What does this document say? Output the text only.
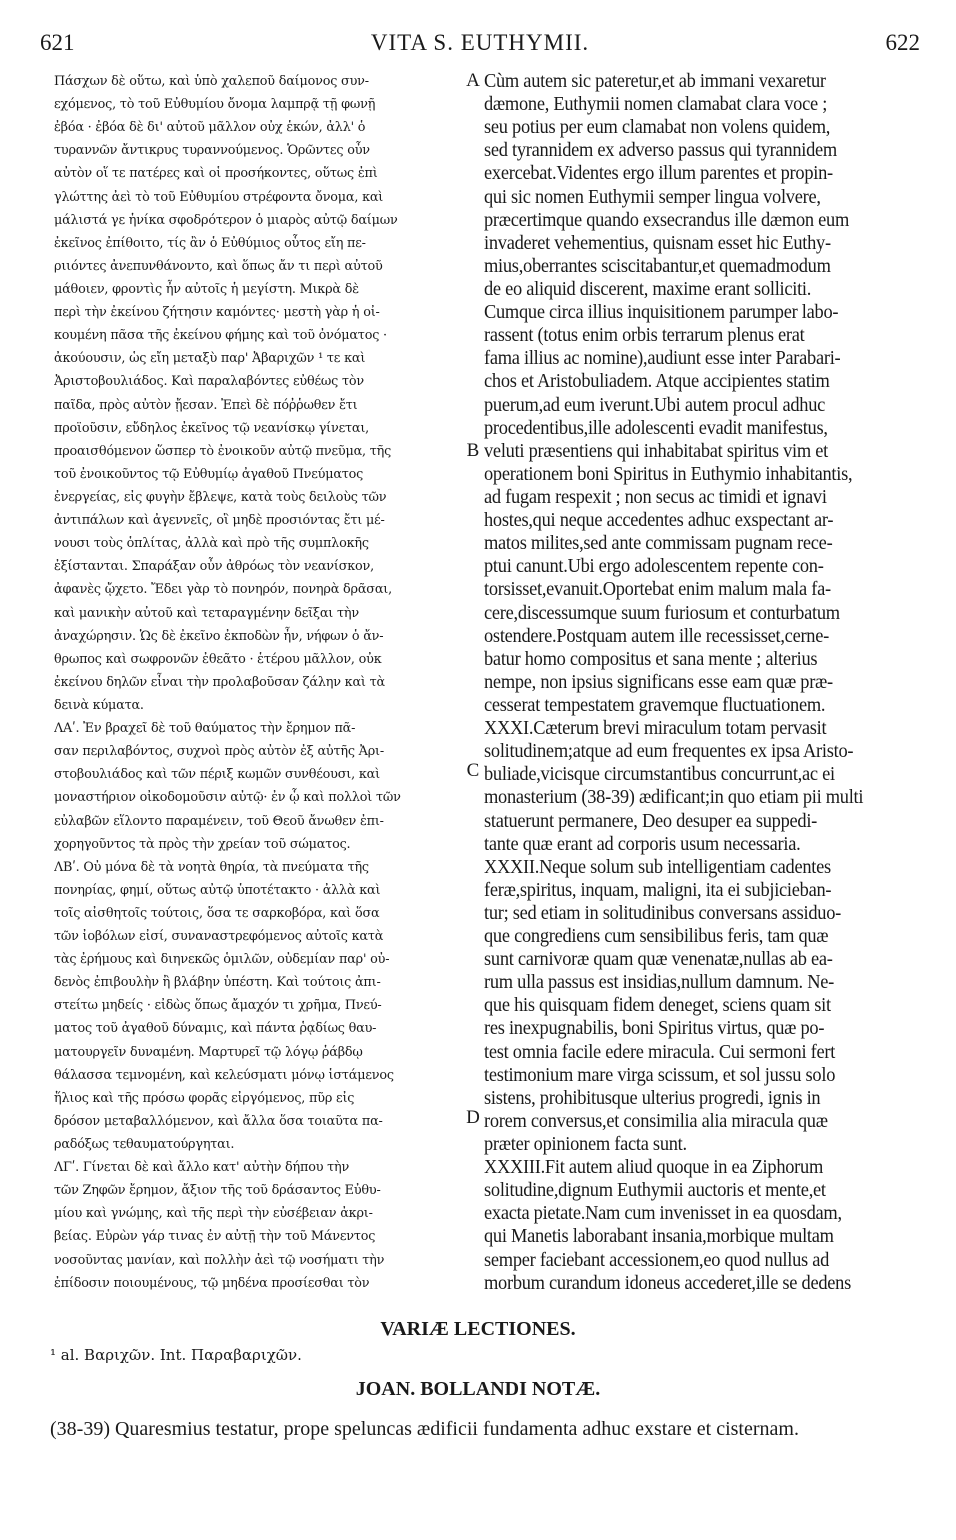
621	VITA S. EUTHYMII.	622
Πάσχων δὲ οὕτω, καὶ ὑπὸ χαλεποῦ δαίμονος συν-
εχόμενος, τὸ τοῦ Εὐθυμίου ὄνομα λαμπρᾷ τῇ φωνῇ
ἐβόα · ἐβόα δὲ δι' αὐτοῦ μᾶλλον οὐχ ἑκών, ἀλλ' ὁ
τυραννῶν ἄντικρυς τυραννούμενος. Ὁρῶντες οὖν
αὐτὸν οἵ τε πατέρες καὶ οἱ προσήκοντες, οὕτως ἐπὶ
γλώττης ἀεὶ τὸ τοῦ Εὐθυμίου στρέφοντα ὄνομα, καὶ
μάλιστά γε ἡνίκα σφοδρότερον ὁ μιαρὸς αὐτῷ δαίμων
ἐκεῖνος ἐπίθοιτο, τίς ἂν ὁ Εὐθύμιος οὗτος εἴη πε-
ριιόντες ἀνεπυνθάνοντο, καὶ ὅπως ἄν τι περὶ αὐτοῦ
μάθοιεν, φροντὶς ἦν αὐτοῖς ἡ μεγίστη. Μικρὰ δὲ
περὶ τὴν ἐκείνου ζήτησιν καμόντες· μεστὴ γὰρ ἡ οἰ-
κουμένη πᾶσα τῆς ἐκείνου φήμης καὶ τοῦ ὀνόματος ·
ἀκούουσιν, ὡς εἴη μεταξὺ παρ' Ἀβαριχῶν ¹ τε καὶ
Ἀριστοβουλιάδος. Καὶ παραλαβόντες εὐθέως τὸν
παῖδα, πρὸς αὐτὸν ᾔεσαν. Ἐπεὶ δὲ πόῤῥωθεν ἔτι
προϊοῦσιν, εὔδηλος ἐκεῖνος τῷ νεανίσκῳ γίνεται,
προαισθόμενον ὥσπερ τὸ ἐνοικοῦν αὐτῷ πνεῦμα, τῆς
τοῦ ἐνοικοῦντος τῷ Εὐθυμίῳ ἀγαθοῦ Πνεύματος
ἐνεργείας, εἰς φυγὴν ἔβλεψε, κατὰ τοὺς δειλοὺς τῶν
ἀντιπάλων καὶ ἀγεννεῖς, οἳ μηδὲ προσιόντας ἔτι μέ-
νουσι τοὺς ὁπλίτας, ἀλλὰ καὶ πρὸ τῆς συμπλοκῆς
ἐξίστανται. Σπαράξαν οὖν ἀθρόως τὸν νεανίσκον,
ἀφανὲς ᾤχετο. Ἔδει γὰρ τὸ πονηρόν, πονηρὰ δρᾶσαι,
καὶ μανικὴν αὐτοῦ καὶ τεταραγμένην δεῖξαι τὴν
ἀναχώρησιν. Ὡς δὲ ἐκεῖνο ἐκποδὼν ἦν, νήφων ὁ ἄν-
θρωπος καὶ σωφρονῶν ἐθεᾶτο · ἑτέρου μᾶλλον, οὐκ
ἐκείνου δηλῶν εἶναι τὴν προλαβοῦσαν ζάλην καὶ τὰ
δεινὰ κύματα.
ΛΑʹ. Ἐν βραχεῖ δὲ τοῦ θαύματος τὴν ἔρημον πᾶ-
σαν περιλαβόντος, συχνοὶ πρὸς αὐτὸν ἐξ αὐτῆς Ἀρι-
στοβουλιάδος καὶ τῶν πέριξ κωμῶν συνθέουσι, καὶ
μοναστήριον οἰκοδομοῦσιν αὐτῷ· ἐν ᾧ καὶ πολλοὶ τῶν
εὐλαβῶν εἵλοντο παραμένειν, τοῦ Θεοῦ ἄνωθεν ἐπι-
χορηγοῦντος τὰ πρὸς τὴν χρείαν τοῦ σώματος.
ΛΒʹ. Οὐ μόνα δὲ τὰ νοητὰ θηρία, τὰ πνεύματα τῆς
πονηρίας, φημί, οὕτως αὐτῷ ὑποτέτακτο · ἀλλὰ καὶ
τοῖς αἰσθητοῖς τούτοις, ὅσα τε σαρκοβόρα, καὶ ὅσα
τῶν ἰοβόλων εἰσί, συναναστρεφόμενος αὐτοῖς κατὰ
τὰς ἐρήμους καὶ διηνεκῶς ὁμιλῶν, οὐδεμίαν παρ' οὐ-
δενὸς ἐπιβουλὴν ἢ βλάβην ὑπέστη. Καὶ τούτοις ἀπι-
στείτω μηδείς · εἰδὼς ὅπως ἄμαχόν τι χρῆμα, Πνεύ-
ματος τοῦ ἀγαθοῦ δύναμις, καὶ πάντα ῥᾳδίως θαυ-
ματουργεῖν δυναμένη. Μαρτυρεῖ τῷ λόγῳ ῥάβδῳ
θάλασσα τεμνομένη, καὶ κελεύσματι μόνῳ ἱστάμενος
ἥλιος καὶ τῆς πρόσω φορᾶς εἰργόμενος, πῦρ εἰς
δρόσον μεταβαλλόμενον, καὶ ἄλλα ὅσα τοιαῦτα πα-
ραδόξως τεθαυματούργηται.
ΛΓʹ. Γίνεται δὲ καὶ ἄλλο κατ' αὐτὴν δήπου τὴν
τῶν Ζηφῶν ἔρημον, ἄξιον τῆς τοῦ δράσαντος Εὐθυ-
μίου καὶ γνώμης, καὶ τῆς περὶ τὴν εὐσέβειαν ἀκρι-
βείας. Εὑρὼν γάρ τινας ἐν αὐτῇ τὴν τοῦ Μάνεντος
νοσοῦντας μανίαν, καὶ πολλὴν ἀεὶ τῷ νοσήματι τὴν
ἐπίδοσιν ποιουμένους, τῷ μηδένα προσίεσθαι τὸν
A
B
C
D
Cùm autem sic pateretur,et ab immani vexaretur
dæmone, Euthymii nomen clamabat clara voce ;
seu potius per eum clamabat non volens quidem,
sed tyrannidem ex adverso passus qui tyrannidem
exercebat.Videntes ergo illum parentes et propin-
qui sic nomen Euthymii semper lingua volvere,
præcertimque quando exsecrandus ille dæmon eum
invaderet vehementius, quisnam esset hic Euthy-
mius,oberrantes sciscitabantur,et quemadmodum
de eo aliquid discerent, maxime erant solliciti.
Cumque circa illius inquisitionem parumper labo-
rassent (totus enim orbis terrarum plenus erat
fama illius ac nomine),audiunt esse inter Parabari-
chos et Aristobuliadem. Atque accipientes statim
puerum,ad eum iverunt.Ubi autem procul adhuc
procedentibus,ille adolescenti evadit manifestus,
veluti præsentiens qui inhabitabat spiritus vim et
operationem boni Spiritus in Euthymio inhabitantis,
ad fugam respexit ; non secus ac timidi et ignavi
hostes,qui neque accedentes adhuc exspectant ar-
matos milites,sed ante commissam pugnam rece-
ptui canunt.Ubi ergo adolescentem repente con-
torsisset,evanuit.Oportebat enim malum mala fa-
cere,discessumque suum furiosum et conturbatum
ostendere.Postquam autem ille recessisset,cerne-
batur homo compositus et sana mente ; alterius
nempe, non ipsius significans esse eam quæ præ-
cesserat tempestatem gravemque fluctuationem.
XXXI.Cæterum brevi miraculum totam pervasit
solitudinem;atque ad eum frequentes ex ipsa Aristo-
buliade,vicisque circumstantibus concurrunt,ac ei
monasterium (38-39) ædificant;in quo etiam pii multi
statuerunt permanere, Deo desuper ea suppedi-
tante quæ erant ad corporis usum necessaria.
XXXII.Neque solum sub intelligentiam cadentes
feræ,spiritus, inquam, maligni, ita ei subjicieban-
tur; sed etiam in solitudinibus conversans assiduo-
que congrediens cum sensibilibus feris, tam quæ
sunt carnivoræ quam quæ venenatæ,nullas ab ea-
rum ulla passus est insidias,nullum damnum. Ne-
que his quisquam fidem deneget, sciens quam sit
res inexpugnabilis, boni Spiritus virtus, quæ po-
test omnia facile edere miracula. Cui sermoni fert
testimonium mare virga scissum, et sol jussu solo
sistens, prohibitusque ulterius progredi, ignis in
rorem conversus,et consimilia alia miracula quæ
præter opinionem facta sunt.
XXXIII.Fit autem aliud quoque in ea Ziphorum
solitudine,dignum Euthymii auctoris et mente,et
exacta pietate.Nam cum invenisset in ea quosdam,
qui Manetis laborabant insania,morbique multam
semper faciebant accessionem,eo quod nullus ad
morbum curandum idoneus accederet,ille se dedens
VARIÆ LECTIONES.
¹ al. Βαριχῶν. Int. Παραβαριχῶν.
JOAN. BOLLANDI NOTÆ.
(38-39) Quaresmius testatur, prope speluncas ædificii fundamenta adhuc exstare et cisternam.
